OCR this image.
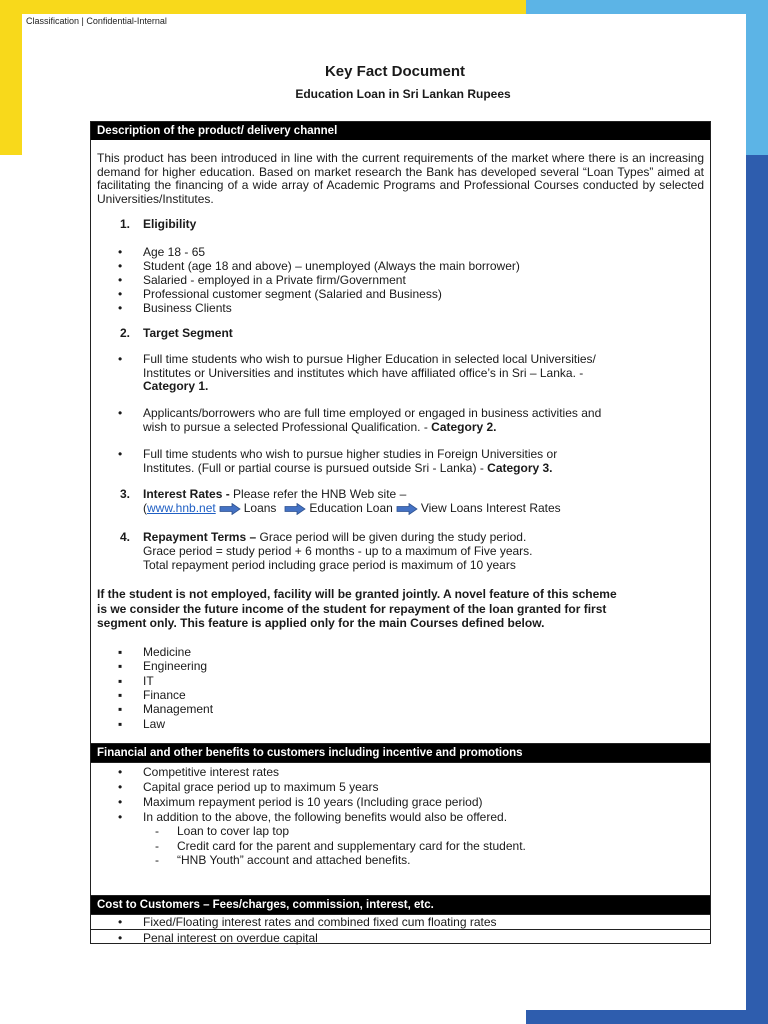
Classification | Confidential-Internal
Key Fact Document
Education Loan in Sri Lankan Rupees
Description of the product/ delivery channel
This product has been introduced in line with the current requirements of the market where there is an increasing demand for higher education. Based on market research the Bank has developed several “Loan Types” aimed at facilitating the financing of a wide array of Academic Programs and Professional Courses conducted by selected Universities/Institutes.
1. Eligibility
• Age 18 - 65
• Student (age 18 and above) – unemployed (Always the main borrower)
• Salaried - employed in a Private firm/Government
• Professional customer segment (Salaried and Business)
• Business Clients
2. Target Segment
• Full time students who wish to pursue Higher Education in selected local Universities/
Institutes or Universities and institutes which have affiliated office’s in Sri – Lanka. -
Category 1.
• Applicants/borrowers who are full time employed or engaged in business activities and
wish to pursue a selected Professional Qualification. - Category 2.
• Full time students who wish to pursue higher studies in Foreign Universities or
Institutes. (Full or partial course is pursued outside Sri - Lanka) - Category 3.
3. Interest Rates - Please refer the HNB Web site –
(www.hnb.net Loans	Education Loan View Loans Interest Rates
4. Repayment Terms – Grace period will be given during the study period.
Grace period = study period + 6 months - up to a maximum of Five years.
Total repayment period including grace period is maximum of 10 years
If the student is not employed, facility will be granted jointly. A novel feature of this scheme
is we consider the future income of the student for repayment of the loan granted for first
segment only. This feature is applied only for the main Courses defined below.
▪ Medicine
▪ Engineering
▪ IT
▪ Finance
▪ Management
▪ Law
Financial and other benefits to customers including incentive and promotions
• Competitive interest rates
• Capital grace period up to maximum 5 years
• Maximum repayment period is 10 years (Including grace period)
• In addition to the above, the following benefits would also be offered.
- Loan to cover lap top
- Credit card for the parent and supplementary card for the student.
- “HNB Youth” account and attached benefits.
Cost to Customers – Fees/charges, commission, interest, etc.
• Fixed/Floating interest rates and combined fixed cum floating rates
• Penal interest on overdue capital
